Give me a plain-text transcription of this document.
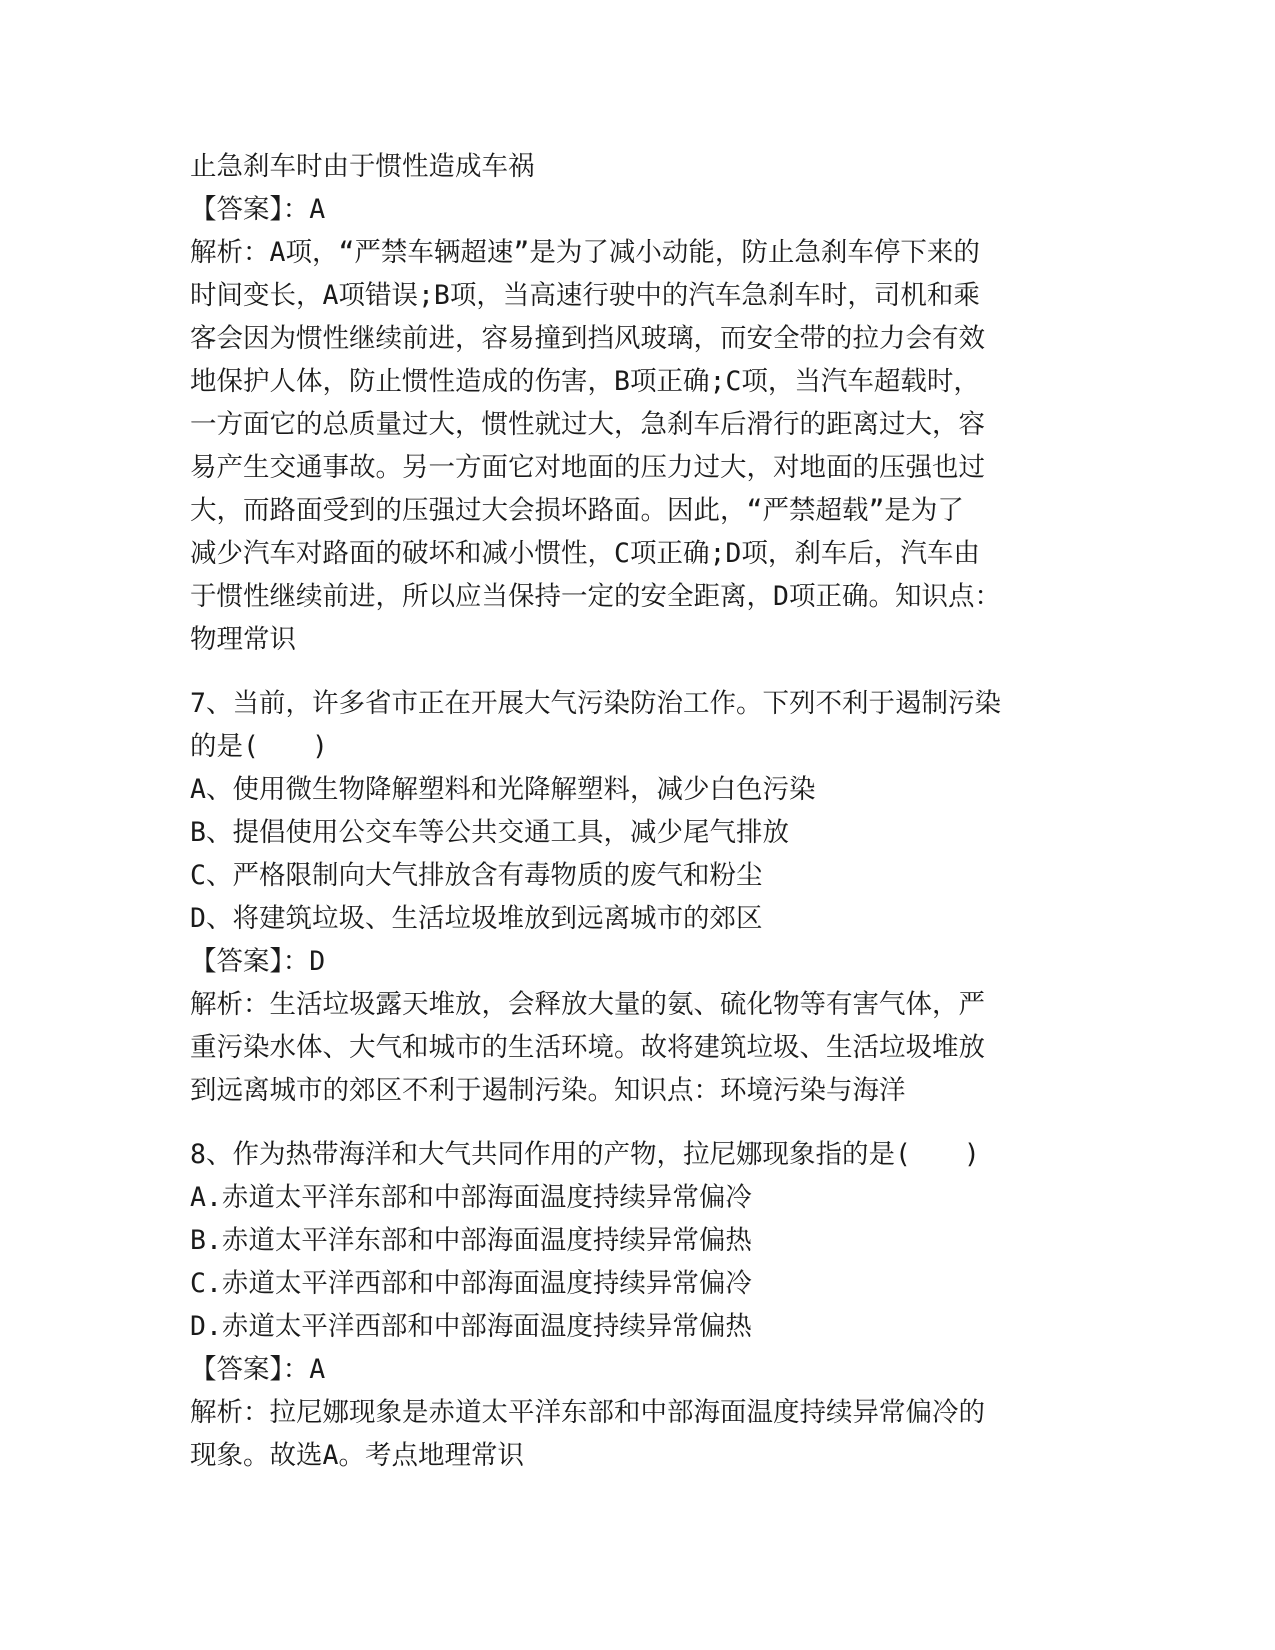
止急刹车时由于惯性造成车祸
【答案】：A
解析：A项，“严禁车辆超速”是为了减小动能，防止急刹车停下来的
时间变长，A项错误;B项，当高速行驶中的汽车急刹车时，司机和乘
客会因为惯性继续前进，容易撞到挡风玻璃，而安全带的拉力会有效
地保护人体，防止惯性造成的伤害，B项正确;C项，当汽车超载时，
一方面它的总质量过大，惯性就过大，急刹车后滑行的距离过大，容
易产生交通事故。另一方面它对地面的压力过大，对地面的压强也过
大，而路面受到的压强过大会损坏路面。因此，“严禁超载”是为了
减少汽车对路面的破坏和减小惯性，C项正确;D项，刹车后，汽车由
于惯性继续前进，所以应当保持一定的安全距离，D项正确。知识点：
物理常识
7、当前，许多省市正在开展大气污染防治工作。下列不利于遏制污染
的是(　　)
A、使用微生物降解塑料和光降解塑料，减少白色污染
B、提倡使用公交车等公共交通工具，减少尾气排放
C、严格限制向大气排放含有毒物质的废气和粉尘
D、将建筑垃圾、生活垃圾堆放到远离城市的郊区
【答案】：D
解析：生活垃圾露天堆放，会释放大量的氨、硫化物等有害气体，严
重污染水体、大气和城市的生活环境。故将建筑垃圾、生活垃圾堆放
到远离城市的郊区不利于遏制污染。知识点：环境污染与海洋
8、作为热带海洋和大气共同作用的产物，拉尼娜现象指的是(　　)
A.赤道太平洋东部和中部海面温度持续异常偏冷
B.赤道太平洋东部和中部海面温度持续异常偏热
C.赤道太平洋西部和中部海面温度持续异常偏冷
D.赤道太平洋西部和中部海面温度持续异常偏热
【答案】：A
解析：拉尼娜现象是赤道太平洋东部和中部海面温度持续异常偏冷的
现象。故选A。考点地理常识
